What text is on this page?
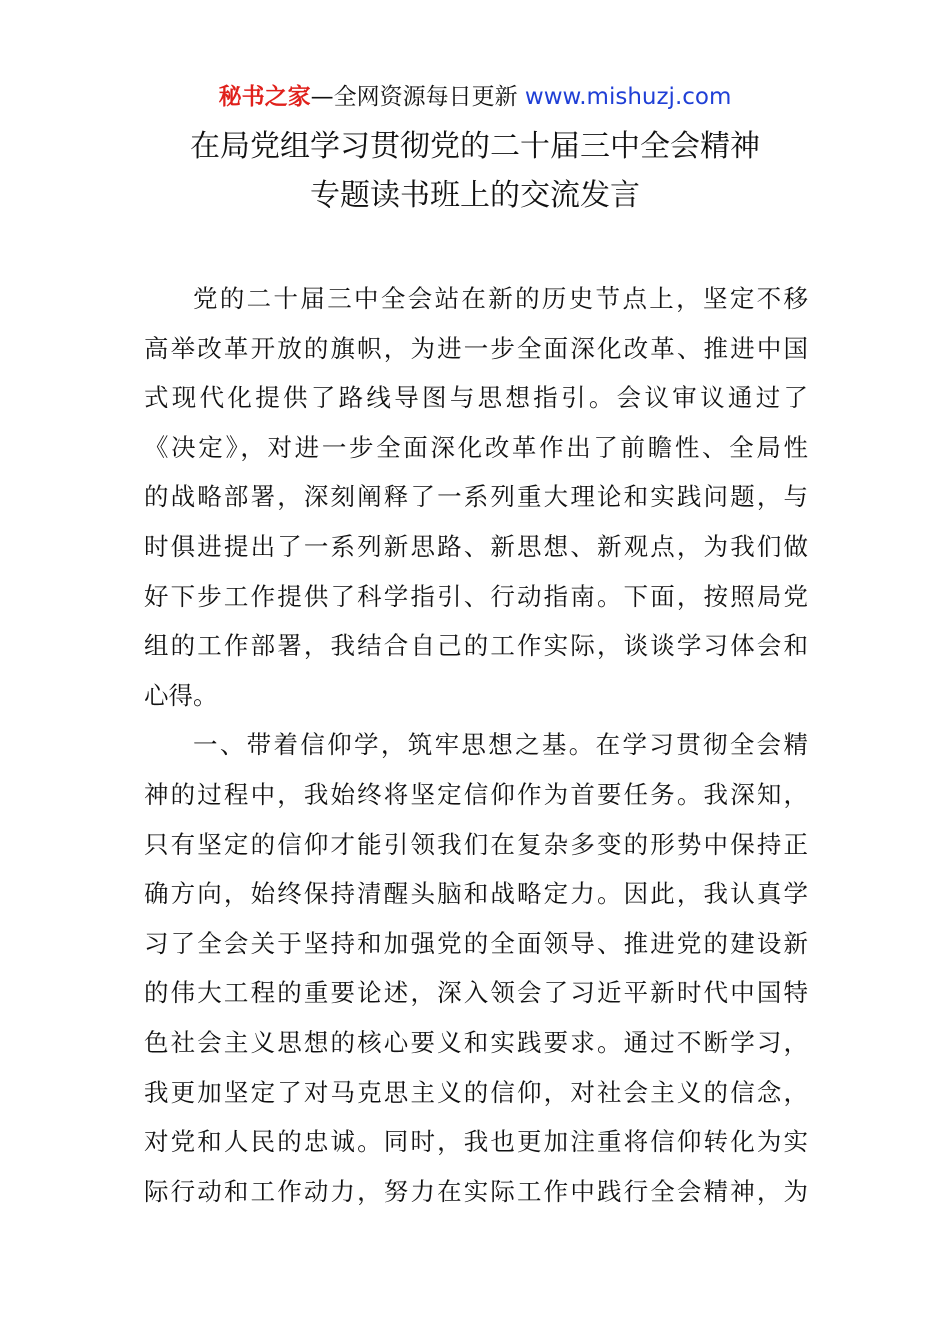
秘书之家—全网资源每日更新 www.mishuzj.com
在局党组学习贯彻党的二十届三中全会精神
专题读书班上的交流发言
党的二十届三中全会站在新的历史节点上，坚定不移
高举改革开放的旗帜，为进一步全面深化改革、推进中国
式现代化提供了路线导图与思想指引。会议审议通过了
《决定》，对进一步全面深化改革作出了前瞻性、全局性
的战略部署，深刻阐释了一系列重大理论和实践问题，与
时俱进提出了一系列新思路、新思想、新观点，为我们做
好下步工作提供了科学指引、行动指南。下面，按照局党
组的工作部署，我结合自己的工作实际，谈谈学习体会和
心得。
一、带着信仰学，筑牢思想之基。在学习贯彻全会精
神的过程中，我始终将坚定信仰作为首要任务。我深知，
只有坚定的信仰才能引领我们在复杂多变的形势中保持正
确方向，始终保持清醒头脑和战略定力。因此，我认真学
习了全会关于坚持和加强党的全面领导、推进党的建设新
的伟大工程的重要论述，深入领会了习近平新时代中国特
色社会主义思想的核心要义和实践要求。通过不断学习，
我更加坚定了对马克思主义的信仰，对社会主义的信念，
对党和人民的忠诚。同时，我也更加注重将信仰转化为实
际行动和工作动力，努力在实际工作中践行全会精神，为
